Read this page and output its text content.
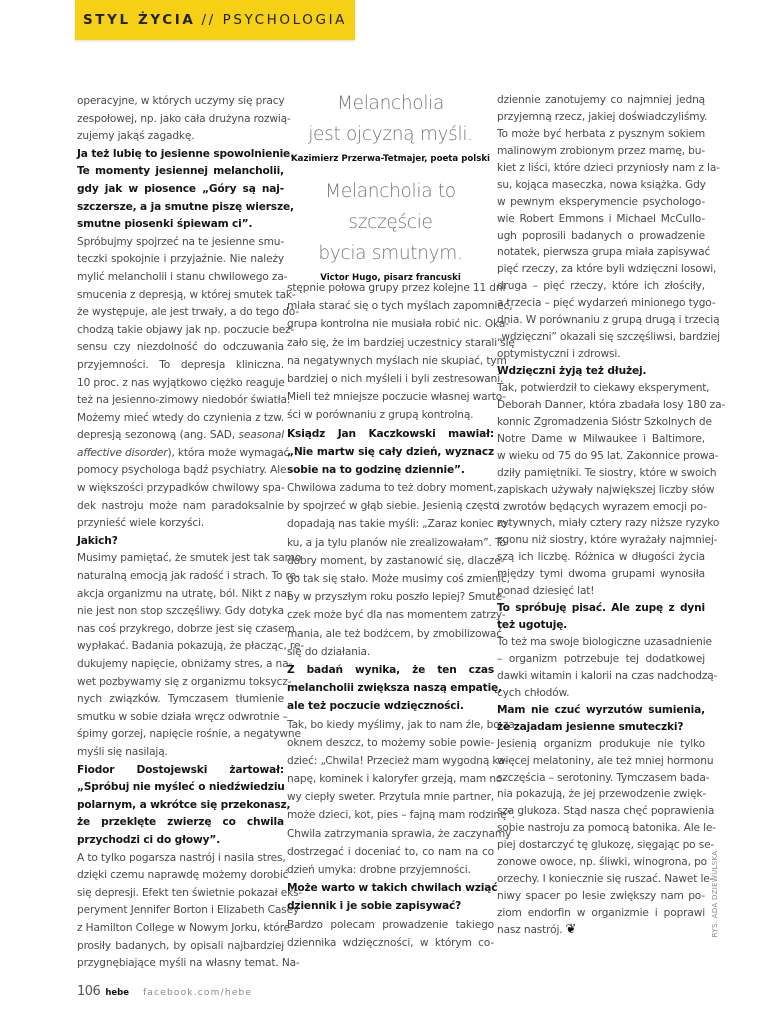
STYL ŻYCIA // PSYCHOLOGIA
operacyjne, w których uczymy się pracy
zespołowej, np. jako cała drużyna rozwią-
zujemy jakąś zagadkę.
Ja też lubię to jesienne spowolnienie.
Te momenty jesiennej melancholii,
gdy jak w piosence „Góry są naj-
szczersze, a ja smutne piszę wiersze,
smutne piosenki śpiewam ci”.
Spróbujmy spojrzeć na te jesienne smu-
teczki spokojnie i przyjaźnie. Nie należy
mylić melancholii i stanu chwilowego za-
smucenia z depresją, w której smutek tak-
że występuje, ale jest trwały, a do tego do-
chodzą takie objawy jak np. poczucie bez-
sensu czy niezdolność do odczuwania
przyjemności. To depresja kliniczna.
10 proc. z nas wyjątkowo ciężko reaguje
też na jesienno-zimowy niedobór światła.
Możemy mieć wtedy do czynienia z tzw.
depresją sezonową (ang. SAD, seasonal
affective disorder), która może wymagać
pomocy psychologa bądź psychiatry. Ale
w większości przypadków chwilowy spa-
dek nastroju może nam paradoksalnie
przynieść wiele korzyści.
Jakich?
Musimy pamiętać, że smutek jest tak samo
naturalną emocją jak radość i strach. To re-
akcja organizmu na utratę, ból. Nikt z nas
nie jest non stop szczęśliwy. Gdy dotyka
nas coś przykrego, dobrze jest się czasem
wypłakać. Badania pokazują, że płacząc, re-
dukujemy napięcie, obniżamy stres, a na-
wet pozbywamy się z organizmu toksycz-
nych związków. Tymczasem tłumienie
smutku w sobie działa wręcz odwrotnie –
śpimy gorzej, napięcie rośnie, a negatywne
myśli się nasilają.
Fiodor Dostojewski żartował:
„Spróbuj nie myśleć o niedźwiedziu
polarnym, a wkrótce się przekonasz,
że przeklęte zwierzę co chwila
przychodzi ci do głowy”.
A to tylko pogarsza nastrój i nasila stres,
dzięki czemu naprawdę możemy dorobić
się depresji. Efekt ten świetnie pokazał eks-
peryment Jennifer Borton i Elizabeth Casey
z Hamilton College w Nowym Jorku, które
prosiły badanych, by opisali najbardziej
przygnębiające myśli na własny temat. Na-
Melancholia
jest ojcyzną myśli.
Kazimierz Przerwa-Tetmajer, poeta polski
Melancholia to szczęście
bycia smutnym.
Victor Hugo, pisarz francuski
stępnie połowa grupy przez kolejne 11 dni
miała starać się o tych myślach zapomnieć,
grupa kontrolna nie musiała robić nic. Oka-
zało się, że im bardziej uczestnicy starali się
na negatywnych myślach nie skupiać, tym
bardziej o nich myśleli i byli zestresowani.
Mieli też mniejsze poczucie własnej warto-
ści w porównaniu z grupą kontrolną.
Ksiądz Jan Kaczkowski mawiał:
„Nie martw się cały dzień, wyznacz
sobie na to godzinę dziennie”.
Chwilowa zaduma to też dobry moment,
by spojrzeć w głąb siebie. Jesienią często
dopadają nas takie myśli: „Zaraz koniec ro-
ku, a ja tylu planów nie zrealizowałam”. To
dobry moment, by zastanowić się, dlacze-
go tak się stało. Może musimy coś zmienić,
by w przyszłym roku poszło lepiej? Smute-
czek może być dla nas momentem zatrzy-
mania, ale też bodźcem, by zmobilizować
się do działania.
Z badań wynika, że ten czas
melancholii zwiększa naszą empatię,
ale też poczucie wdzięczności.
Tak, bo kiedy myślimy, jak to nam źle, bo za
oknem deszcz, to możemy sobie powie-
dzieć: „Chwila! Przecież mam wygodną ka-
napę, kominek i kaloryfer grzeją, mam no-
wy ciepły sweter. Przytula mnie partner,
może dzieci, kot, pies – fajną mam rodzinę”.
Chwila zatrzymania sprawia, że zaczynamy
dostrzegać i doceniać to, co nam na co
dzień umyka: drobne przyjemności.
Może warto w takich chwilach wziąć
dziennik i je sobie zapisywać?
Bardzo polecam prowadzenie takiego
dziennika wdzięczności, w którym co-
dziennie zanotujemy co najmniej jedną
przyjemną rzecz, jakiej doświadczyliśmy.
To może być herbata z pysznym sokiem
malinowym zrobionym przez mamę, bu-
kiet z liści, które dzieci przyniosły nam z la-
su, kojąca maseczka, nowa książka. Gdy
w pewnym eksperymencie psychologo-
wie Robert Emmons i Michael McCullo-
ugh poprosili badanych o prowadzenie
notatek, pierwsza grupa miała zapisywać
pięć rzeczy, za które byli wdzięczni losowi,
druga – pięć rzeczy, które ich złościły,
a trzecia – pięć wydarzeń minionego tygo-
dnia. W porównaniu z grupą drugą i trzecią
„wdzięczni” okazali się szczęśliwsi, bardziej
optymistyczni i zdrowsi.
Wdzięczni żyją też dłużej.
Tak, potwierdził to ciekawy eksperyment,
Deborah Danner, która zbadała losy 180 za-
konnic Zgromadzenia Sióstr Szkolnych de
Notre Dame w Milwaukee i Baltimore,
w wieku od 75 do 95 lat. Zakonnice prowa-
dziły pamiętniki. Te siostry, które w swoich
zapiskach używały największej liczby słów
i zwrotów będących wyrazem emocji po-
zytywnych, miały cztery razy niższe ryzyko
zgonu niż siostry, które wyrażały najmniej-
szą ich liczbę. Różnica w długości życia
między tymi dwoma grupami wynosiła
ponad dziesięć lat!
To spróbuję pisać. Ale zupę z dyni
też ugotuję.
To też ma swoje biologiczne uzasadnienie
– organizm potrzebuje tej dodatkowej
dawki witamin i kalorii na czas nadchodzą-
cych chłodów.
Mam nie czuć wyrzutów sumienia,
że zajadam jesienne smuteczki?
Jesienią organizm produkuje nie tylko
więcej melatoniny, ale też mniej hormonu
szczęścia – serotoniny. Tymczasem bada-
nia pokazują, że jej przewodzenie zwięk-
sza glukoza. Stąd nasza chęć poprawienia
sobie nastroju za pomocą batonika. Ale le-
piej dostarczyć tę glukozę, sięgając po se-
zonowe owoce, np. śliwki, winogrona, po
orzechy. I koniecznie się ruszać. Nawet le-
niwy spacer po lesie zwiększy nam po-
ziom endorfin w organizmie i poprawi
nasz nastrój. ❦	RYS. ADA DZIEWULSKA
106 hebe facebook.com/hebe
